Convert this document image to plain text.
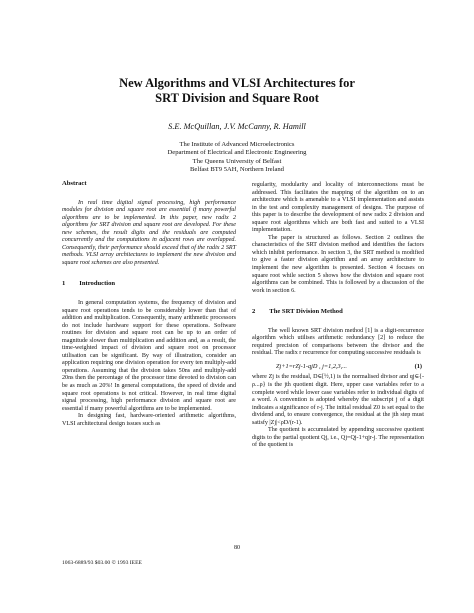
New Algorithms and VLSI Architectures for
SRT Division and Square Root
S.E. McQuillan, J.V. McCanny, R. Hamill
The Institute of Advanced Microelectronics
Department of Electrical and Electronic Engineering
The Queens University of Belfast
Belfast BT9 5AH, Northern Ireland

Abstract

In real time digital signal processing, high performance modules for division and square root are essential if many powerful algorithms are to be implemented. In this paper, new radix 2 algorithms for SRT division and square root are developed. For these new schemes, the result digits and the residuals are computed concurrently and the computations in adjacent rows are overlapped. Consequently, their performance should exceed that of the radix 2 SRT methods. VLSI array architectures to implement the new division and square root schemes are also presented.

1 Introduction

In general computation systems, the frequency of division and square root operations tends to be considerably lower than that of addition and multiplication. Consequently, many arithmetic processors do not include hardware support for these operations. Software routines for division and square root can be up to an order of magnitude slower than multiplication and addition and, as a result, the time-weighted impact of division and square root on processor utilisation can be significant. By way of illustration, consider an application requiring one division operation for every ten multiply-add operations. Assuming that the division takes 50ns and multiply-add 20ns then the percentage of the processor time devoted to division can be as much as 20%! In general computations, the speed of divide and square root operations is not critical. However, in real time digital signal processing, high performance division and square root are essential if many powerful algorithms are to be implemented.

In designing fast, hardware-oriented arithmetic algorithms, VLSI architectural design issues such as

regularity, modularity and locality of interconnections must be addressed. This facilitates the mapping of the algorithm on to an architecture which is amenable to a VLSI implementation and assists in the test and complexity management of designs. The purpose of this paper is to describe the development of new radix 2 division and square root algorithms which are both fast and suited to a VLSI implementation.

The paper is structured as follows. Section 2 outlines the characteristics of the SRT division method and identifies the factors which inhibit performance. In section 3, the SRT method is modified to give a faster division algorithm and an array architecture to implement the new algorithm is presented. Section 4 focuses on square root while section 5 shows how the division and square root algorithms can be combined. This is followed by a discussion of the work in section 6.

2 The SRT Division Method

The well known SRT division method [1] is a digit-recurrence algorithm which utilises arithmetic redundancy [2] to reduce the required precision of comparisons between the divisor and the residual. The radix r recurrence for computing successive residuals is

Zj+1=rZj-1-qjD , j=1,2,3,...	(1)

where Zj is the residual, D∈[½,1) is the normalised divisor and qj∈{-ρ...ρ} is the jth quotient digit. Here, upper case variables refer to a complete word while lower case variables refer to individual digits of a word. A convention is adopted whereby the subscript j of a digit indicates a significance of r-j. The initial residual Z0 is set equal to the dividend and, to ensure convergence, the residual at the jth step must satisfy |Zj|<ρD/(r-1).

The quotient is accumulated by appending successive quotient digits to the partial quotient Qj, i.e., Qj=Qj-1+qjr-j. The representation of the quotient is

80
1063-6889/93 $03.00 © 1993 IEEE
